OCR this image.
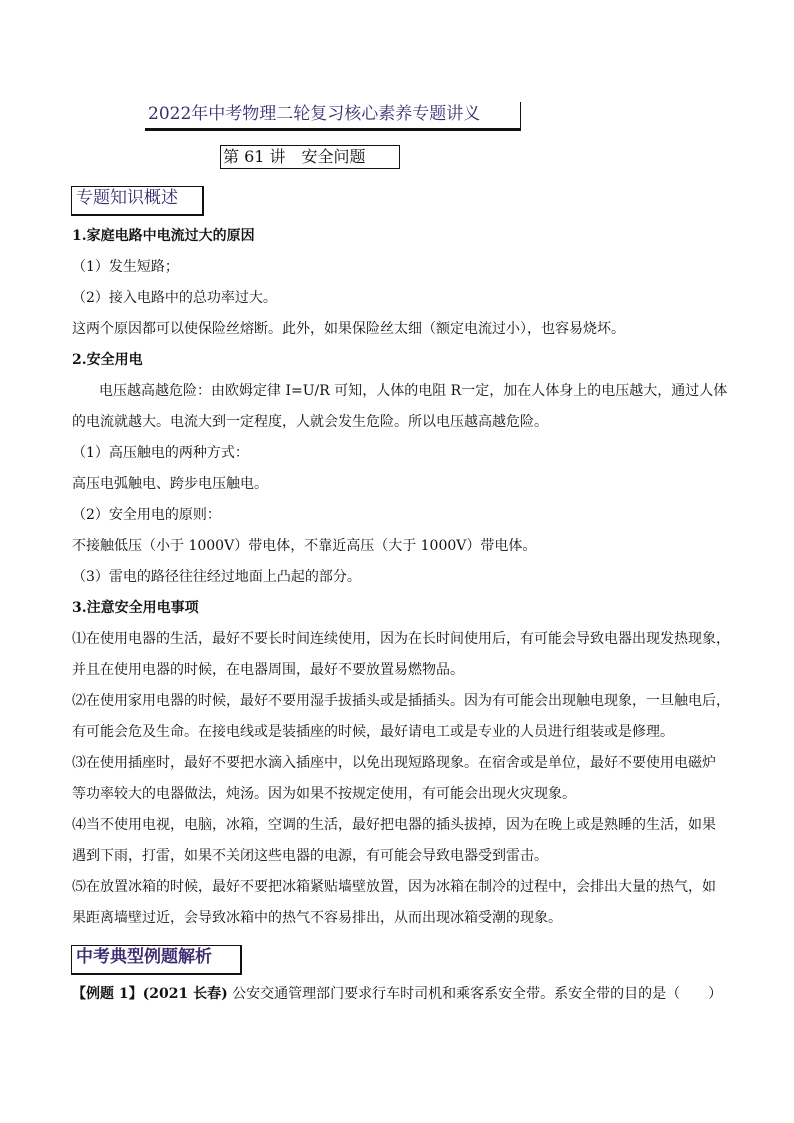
2022年中考物理二轮复习核心素养专题讲义
第 61 讲　安全问题
专题知识概述
1.家庭电路中电流过大的原因
（1）发生短路；
（2）接入电路中的总功率过大。
这两个原因都可以使保险丝熔断。此外，如果保险丝太细（额定电流过小），也容易烧坏。
2.安全用电
电压越高越危险：由欧姆定律 I=U/R 可知，人体的电阻 R一定，加在人体身上的电压越大，通过人体
的电流就越大。电流大到一定程度，人就会发生危险。所以电压越高越危险。
（1）高压触电的两种方式：
高压电弧触电、跨步电压触电。
（2）安全用电的原则：
不接触低压（小于 1000V）带电体，不靠近高压（大于 1000V）带电体。
（3）雷电的路径往往经过地面上凸起的部分。
3.注意安全用电事项
⑴在使用电器的生活，最好不要长时间连续使用，因为在长时间使用后，有可能会导致电器出现发热现象，
并且在使用电器的时候，在电器周围，最好不要放置易燃物品。
⑵在使用家用电器的时候，最好不要用湿手拔插头或是插插头。因为有可能会出现触电现象，一旦触电后，
有可能会危及生命。在接电线或是装插座的时候，最好请电工或是专业的人员进行组装或是修理。
⑶在使用插座时，最好不要把水滴入插座中，以免出现短路现象。在宿舍或是单位，最好不要使用电磁炉
等功率较大的电器做法，炖汤。因为如果不按规定使用，有可能会出现火灾现象。
⑷当不使用电视，电脑，冰箱，空调的生活，最好把电器的插头拔掉，因为在晚上或是熟睡的生活，如果
遇到下雨，打雷，如果不关闭这些电器的电源，有可能会导致电器受到雷击。
⑸在放置冰箱的时候，最好不要把冰箱紧贴墙壁放置，因为冰箱在制冷的过程中，会排出大量的热气，如
果距离墙壁过近，会导致冰箱中的热气不容易排出，从而出现冰箱受潮的现象。
中考典型例题解析
【例题 1】(2021 长春) 公安交通管理部门要求行车时司机和乘客系安全带。系安全带的目的是（　　）
